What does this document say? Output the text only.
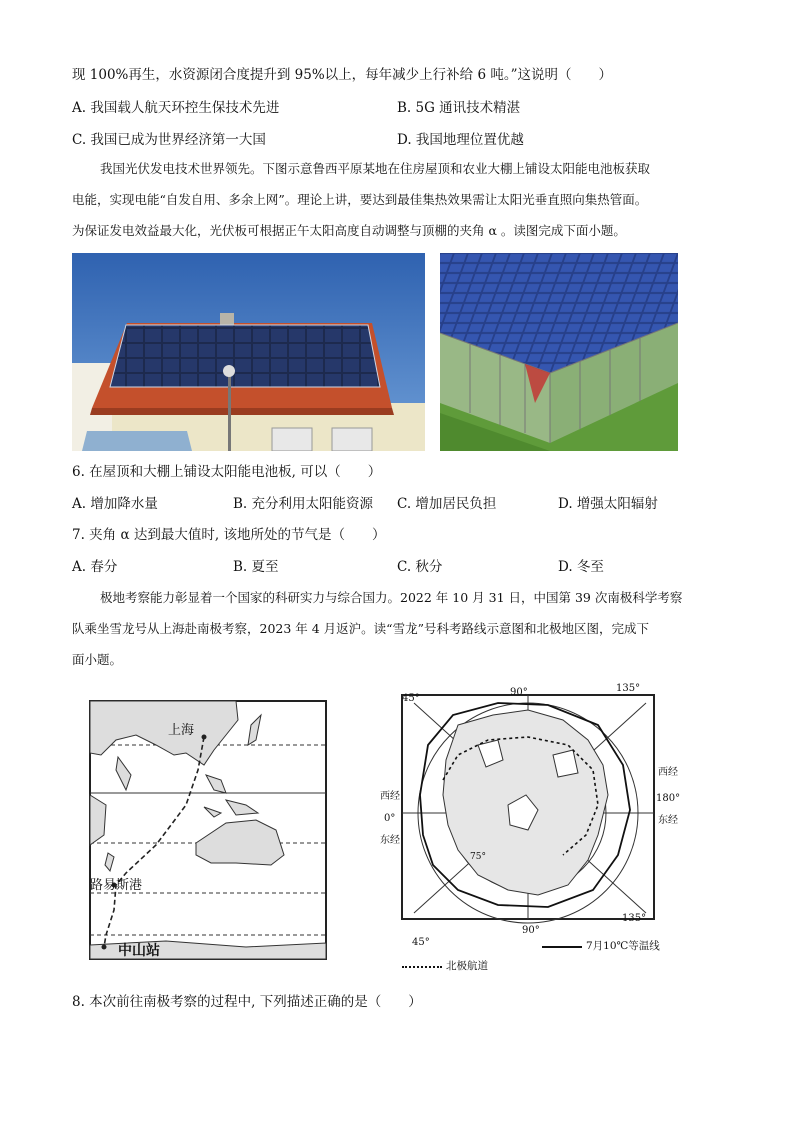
现 100%再生，水资源闭合度提升到 95%以上，每年减少上行补给 6 吨。”这说明（　　）
A. 我国载人航天环控生保技术先进	B. 5G 通讯技术精湛
C. 我国已成为世界经济第一大国	D. 我国地理位置优越
我国光伏发电技术世界领先。下图示意鲁西平原某地在住房屋顶和农业大棚上铺设太阳能电池板获取
电能，实现电能“自发自用、多余上网”。理论上讲，要达到最佳集热效果需让太阳光垂直照向集热管面。
为保证发电效益最大化，光伏板可根据正午太阳高度自动调整与顶棚的夹角 α 。读图完成下面小题。
6. 在屋顶和大棚上铺设太阳能电池板, 可以（　　）
A. 增加降水量	B. 充分利用太阳能资源 C. 增加居民负担	D. 增强太阳辐射
7. 夹角 α 达到最大值时, 该地所处的节气是（　　）
A. 春分	B. 夏至	C. 秋分	D. 冬至
极地考察能力彰显着一个国家的科研实力与综合国力。2022 年 10 月 31 日，中国第 39 次南极科学考察
队乘坐雪龙号从上海赴南极考察，2023 年 4 月返沪。读“雪龙”号科考路线示意图和北极地区图，完成下
面小题。
上海
路易斯港
中山站
45°
90°	135°
西经
0°
东经
西经
180°
东经
75°
45°
90°
135°
北极航道
7月10℃等温线
8. 本次前往南极考察的过程中, 下列描述正确的是（　　）
